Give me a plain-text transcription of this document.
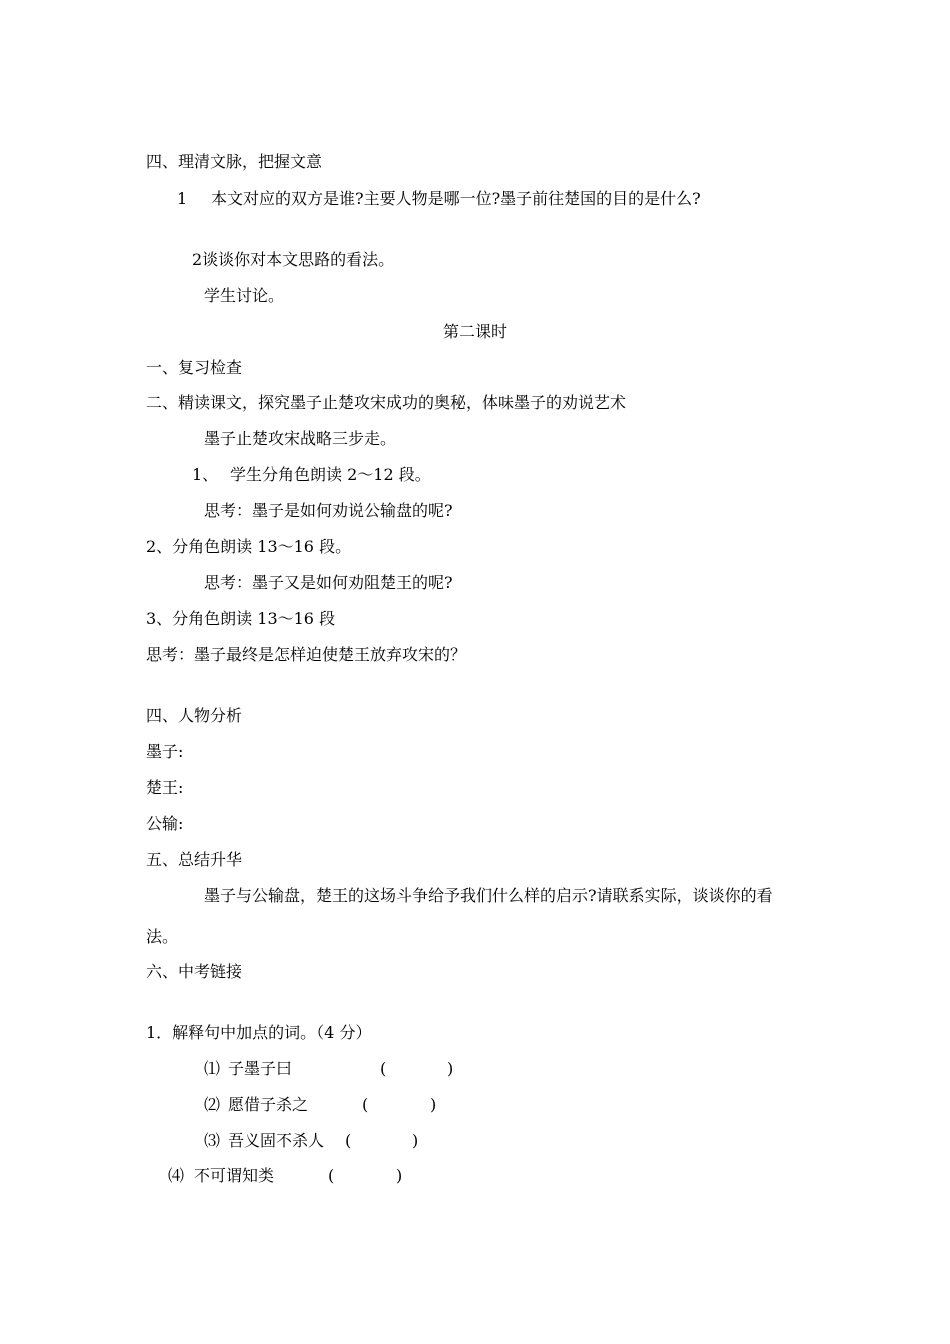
四、理清文脉，把握文意
1 本文对应的双方是谁?主要人物是哪一位?墨子前往楚国的目的是什么?
2谈谈你对本文思路的看法。
学生讨论。
第二课时
一、复习检查
二、精读课文，探究墨子止楚攻宋成功的奥秘，体味墨子的劝说艺术
墨子止楚攻宋战略三步走。
1、 学生分角色朗读 2～12 段。
思考：墨子是如何劝说公输盘的呢?
2、分角色朗读 13～16 段。
思考：墨子又是如何劝阻楚王的呢?
3、分角色朗读 13～16 段
思考：墨子最终是怎样迫使楚王放弃攻宋的？
四、人物分析
墨子:
楚王:
公输:
五、总结升华
墨子与公输盘，楚王的这场斗争给予我们什么样的启示?请联系实际，谈谈你的看
法。
六、中考链接
1．解释句中加点的词。（4 分）
⑴ 子墨子曰	(	)
⑵ 愿借子杀之	(	)
⑶ 吾义固不杀人 (	)
⑷ 不可谓知类	(	)
